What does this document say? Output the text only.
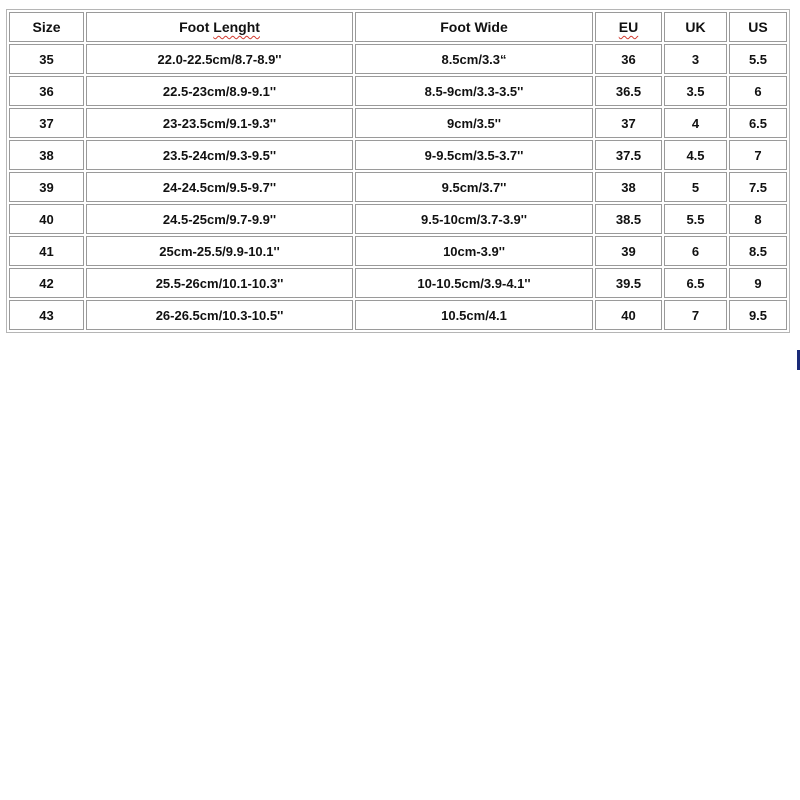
Size	Foot Lenght	Foot Wide	EU	UK	US
35	22.0-22.5cm/8.7-8.9''	8.5cm/3.3“	36	3	5.5
36	22.5-23cm/8.9-9.1''	8.5-9cm/3.3-3.5''	36.5	3.5	6
37	23-23.5cm/9.1-9.3''	9cm/3.5''	37	4	6.5
38	23.5-24cm/9.3-9.5''	9-9.5cm/3.5-3.7''	37.5	4.5	7
39	24-24.5cm/9.5-9.7''	9.5cm/3.7''	38	5	7.5
40	24.5-25cm/9.7-9.9''	9.5-10cm/3.7-3.9''	38.5	5.5	8
41	25cm-25.5/9.9-10.1''	10cm-3.9''	39	6	8.5
42	25.5-26cm/10.1-10.3''	10-10.5cm/3.9-4.1''	39.5	6.5	9
43	26-26.5cm/10.3-10.5''	10.5cm/4.1	40	7	9.5
